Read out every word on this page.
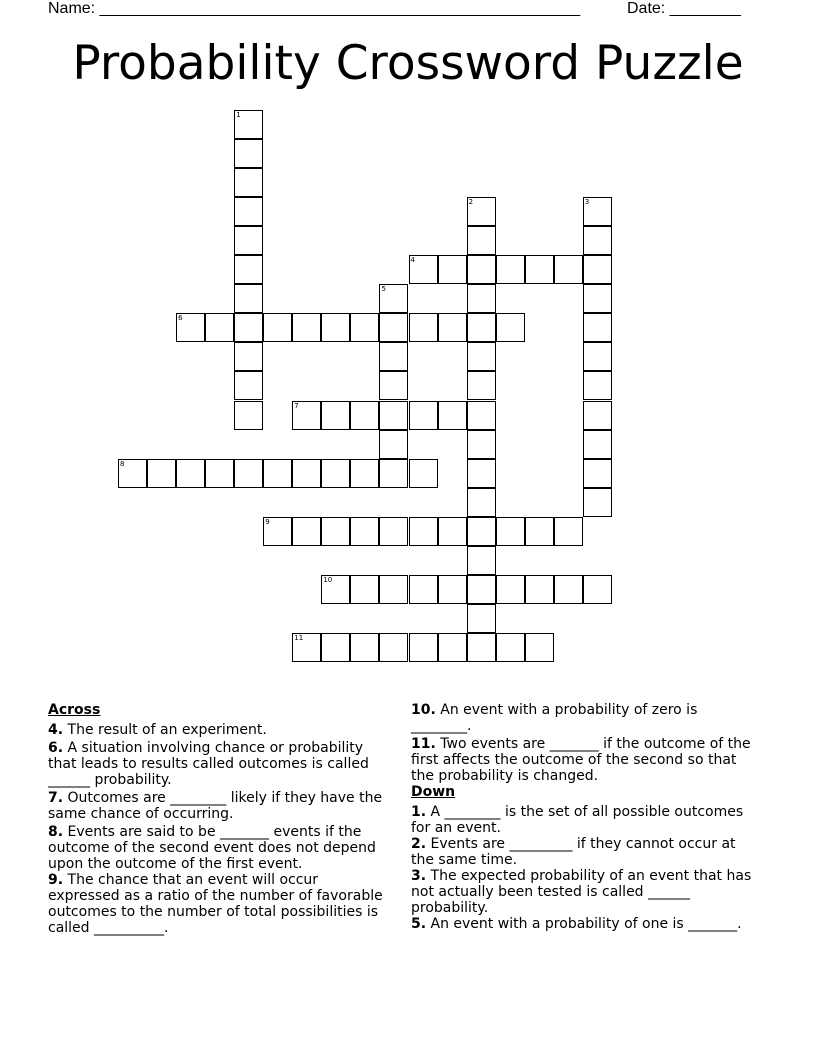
Name: ______________________________________________________	Date: ________
Probability Crossword Puzzle
1
2	3
4
5
6
7
8
9
10
11
Across
4. The result of an experiment.
6. A situation involving chance or probability that leads to results called outcomes is called ______ probability.
7. Outcomes are ________ likely if they have the same chance of occurring.
8. Events are said to be _______ events if the outcome of the second event does not depend upon the outcome of the first event.
9. The chance that an event will occur expressed as a ratio of the number of favorable outcomes to the number of total possibilities is called __________.
10. An event with a probability of zero is ________.
11. Two events are _______ if the outcome of the first affects the outcome of the second so that the probability is changed.
Down
1. A ________ is the set of all possible outcomes for an event.
2. Events are _________ if they cannot occur at the same time.
3. The expected probability of an event that has not actually been tested is called ______ probability.
5. An event with a probability of one is _______.
